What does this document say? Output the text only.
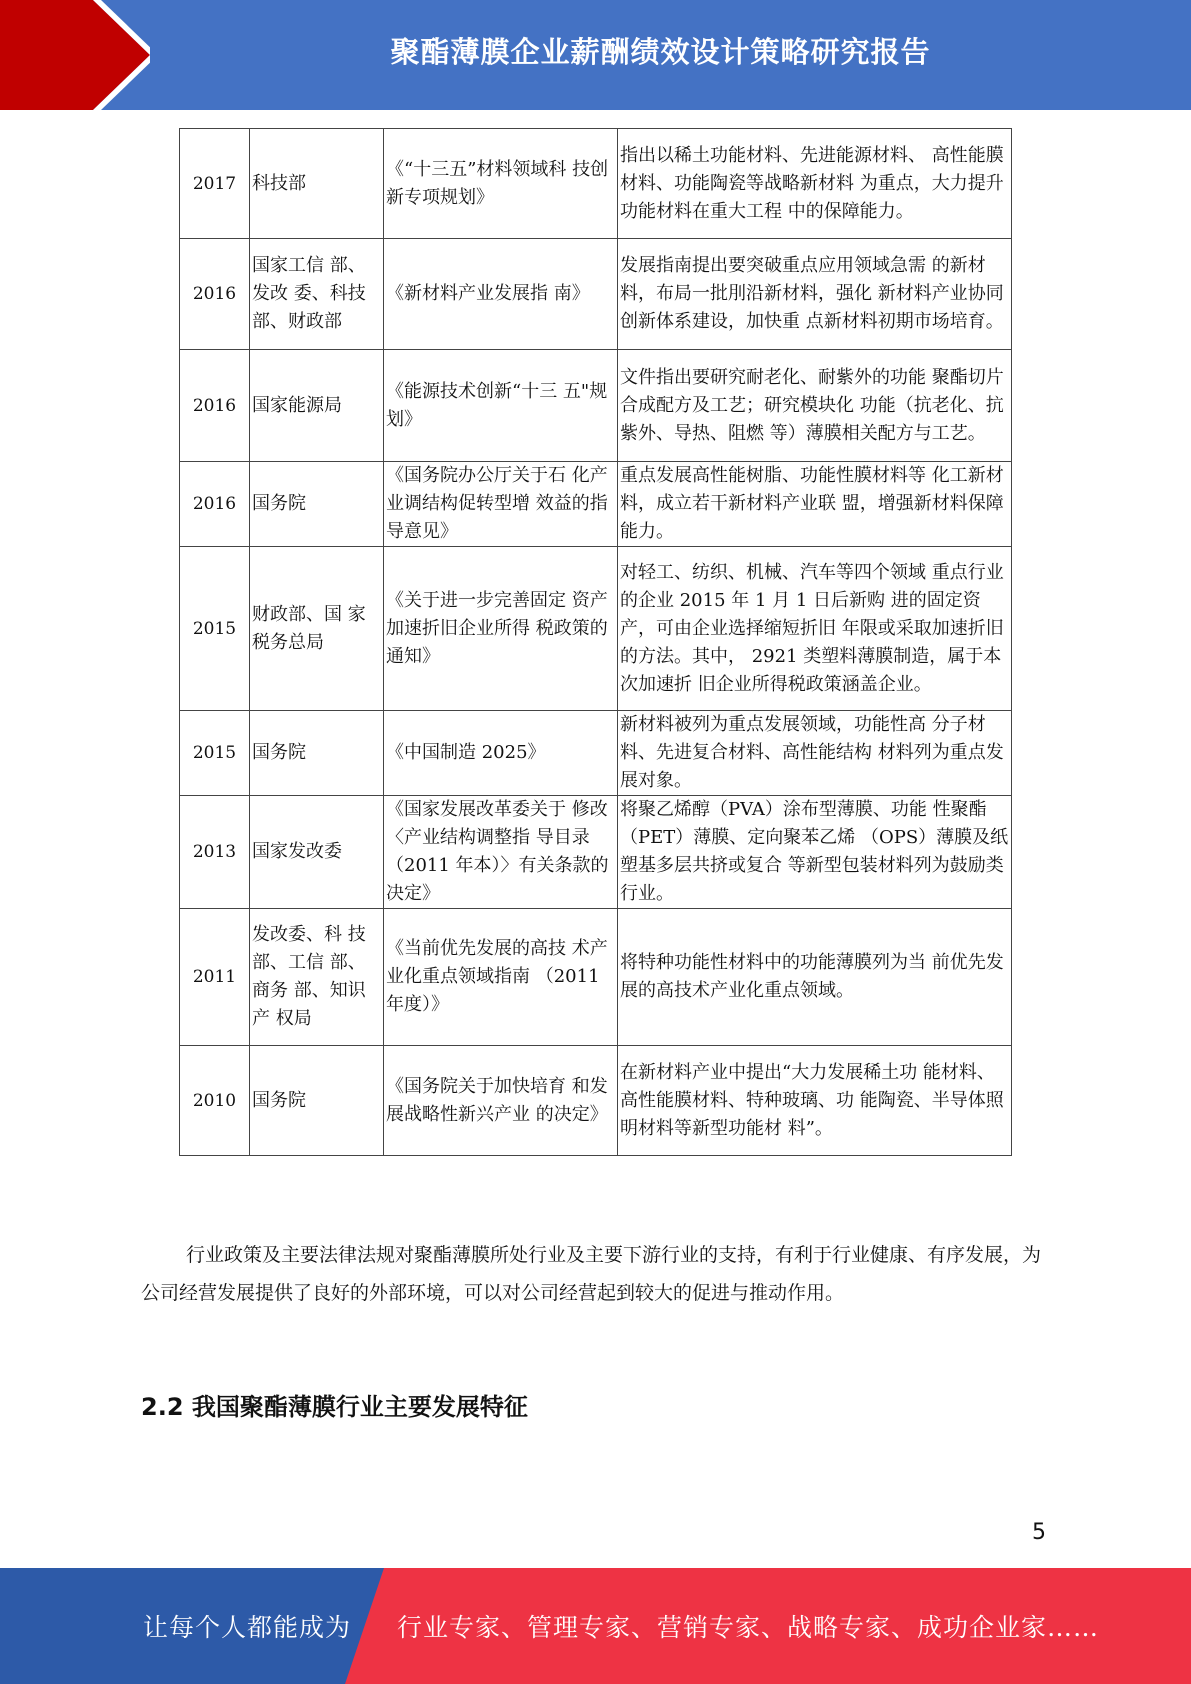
聚酯薄膜企业薪酬绩效设计策略研究报告
2017	科技部	《“十三五”材料领域科 技创新专项规划》	指出以稀土功能材料、先进能源材料、 高性能膜材料、功能陶瓷等战略新材料 为重点，大力提升功能材料在重大工程 中的保障能力。
2016	国家工信 部、发改 委、科技部、财政部	《新材料产业发展指 南》	发展指南提出要突破重点应用领域急需 的新材料，布局一批刖沿新材料，强化 新材料产业协同创新体系建设，加快重 点新材料初期市场培育。
2016	国家能源局	《能源技术创新“十三 五"规划》	文件指出要研究耐老化、耐紫外的功能 聚酯切片合成配方及工艺；研究模块化 功能（抗老化、抗紫外、导热、阻燃 等）薄膜相关配方与工艺。
2016	国务院	《国务院办公厅关于石 化产业调结构促转型增 效益的指导意见》	重点发展高性能树脂、功能性膜材料等 化工新材料，成立若干新材料产业联 盟，增强新材料保障能力。
2015	财政部、国 家税务总局	《关于进一步完善固定 资产加速折旧企业所得 税政策的通知》	对轻工、纺织、机械、汽车等四个领域 重点行业的企业 2015 年 1 月 1 日后新购 进的固定资产，可由企业选择缩短折旧 年限或采取加速折旧的方法。其中， 2921 类塑料薄膜制造，属于本次加速折 旧企业所得税政策涵盖企业。
2015	国务院	《中国制造 2025》	新材料被列为重点发展领域，功能性高 分子材料、先进复合材料、高性能结构 材料列为重点发展对象。
2013	国家发改委	《国家发展改革委关于 修改〈产业结构调整指 导目录（2011 年本）〉有关条款的决定》	将聚乙烯醇（PVA）涂布型薄膜、功能 性聚酯（PET）薄膜、定向聚苯乙烯 （OPS）薄膜及纸塑基多层共挤或复合 等新型包装材料列为鼓励类行业。
2011	发改委、科 技部、工信 部、商务 部、知识产 权局	《当前优先发展的高技 术产业化重点领域指南 （2011 年度）》	将特种功能性材料中的功能薄膜列为当 前优先发展的高技术产业化重点领域。
2010	国务院	《国务院关于加快培育 和发展战略性新兴产业 的决定》	在新材料产业中提出“大力发展稀土功 能材料、高性能膜材料、特种玻璃、功 能陶瓷、半导体照明材料等新型功能材 料”。

行业政策及主要法律法规对聚酯薄膜所处行业及主要下游行业的支持，有利于行业健康、有序发展，为公司经营发展提供了良好的外部环境，可以对公司经营起到较大的促进与推动作用。

2.2 我国聚酯薄膜行业主要发展特征
5
让每个人都能成为 行业专家、管理专家、营销专家、战略专家、成功企业家……
